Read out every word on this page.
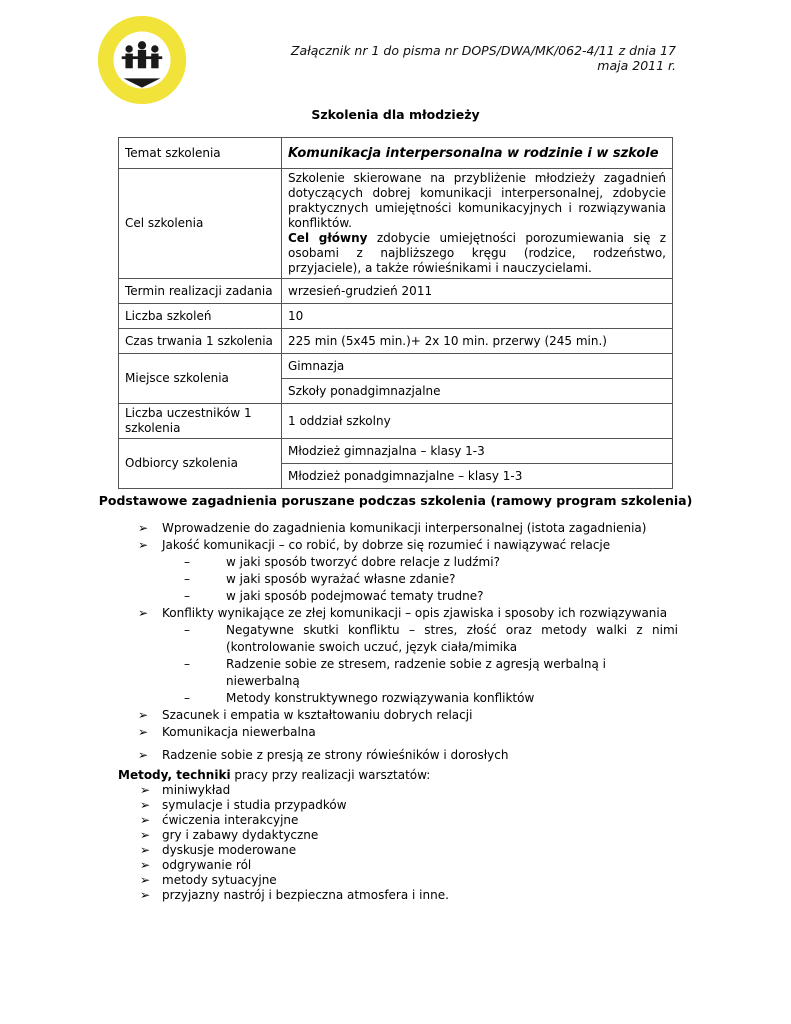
Załącznik nr 1 do pisma nr DOPS/DWA/MK/062-4/11 z dnia 17 maja 2011 r.
Szkolenia dla młodzieży
Temat szkolenia	Komunikacja interpersonalna w rodzinie i w szkole
Cel szkolenia	Szkolenie skierowane na przybliżenie młodzieży zagadnień dotyczących dobrej komunikacji interpersonalnej, zdobycie praktycznych umiejętności komunikacyjnych i rozwiązywania konfliktów.
Cel główny zdobycie umiejętności porozumiewania się z osobami z najbliższego kręgu (rodzice, rodzeństwo, przyjaciele), a także rówieśnikami i nauczycielami.
Termin realizacji zadania	wrzesień-grudzień 2011
Liczba szkoleń	10
Czas trwania 1 szkolenia	225 min (5x45 min.)+ 2x 10 min. przerwy (245 min.)
Miejsce szkolenia	Gimnazja
	Szkoły ponadgimnazjalne
Liczba uczestników 1 szkolenia	1 oddział szkolny
Odbiorcy szkolenia	Młodzież gimnazjalna – klasy 1-3
	Młodzież ponadgimnazjalne – klasy 1-3
Podstawowe zagadnienia poruszane podczas szkolenia (ramowy program szkolenia)
➢ Wprowadzenie do zagadnienia komunikacji interpersonalnej (istota zagadnienia)
➢ Jakość komunikacji – co robić, by dobrze się rozumieć i nawiązywać relacje
–	w jaki sposób tworzyć dobre relacje z ludźmi?
–	w jaki sposób wyrażać własne zdanie?
–	w jaki sposób podejmować tematy trudne?
➢ Konflikty wynikające ze złej komunikacji – opis zjawiska i sposoby ich rozwiązywania
–	Negatywne skutki konfliktu – stres, złość oraz metody walki z nimi (kontrolowanie swoich uczuć, język ciała/mimika
–	Radzenie sobie ze stresem, radzenie sobie z agresją werbalną i niewerbalną
–	Metody konstruktywnego rozwiązywania konfliktów
➢ Szacunek i empatia w kształtowaniu dobrych relacji
➢ Komunikacja niewerbalna
➢ Radzenie sobie z presją ze strony rówieśników i dorosłych
Metody, techniki pracy przy realizacji warsztatów:
➢ miniwykład
➢ symulacje i studia przypadków
➢ ćwiczenia interakcyjne
➢ gry i zabawy dydaktyczne
➢ dyskusje moderowane
➢ odgrywanie ról
➢ metody sytuacyjne
➢ przyjazny nastrój i bezpieczna atmosfera i inne.
